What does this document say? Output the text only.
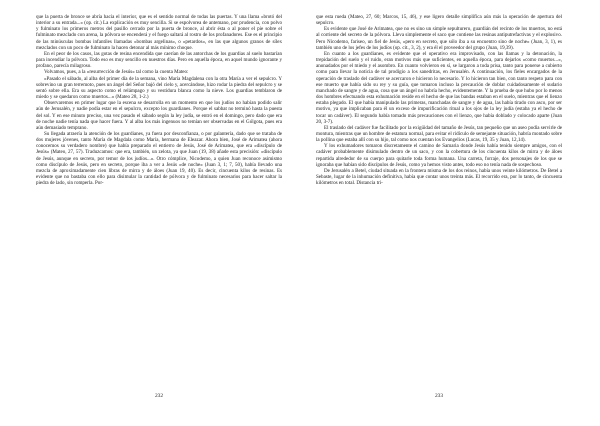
que la puerta de bronce se abría hacia el interior, que es el sentido normal de todas las puertas. Y una llama «brotó del interior a su entrada...» (op. cit.) La explicación es muy sencilla. Si se espolvorea de antemano, por prudencia, con polvo y fulminato los primeros metros del pasillo cerrado por la puerta de bronce, al abrir ésta o al poner el pie sobre el fulminato mezclado con arena, la pólvora se encenderá y el fuego saltará al rostro de los profanadores. Ese es el principio de las minúsculas bombas infantiles llamadas «bombas argelinas», o «petardos», en las que algunos granos de sílex mezclados con un poco de fulminato la hacen detonar al más mínimo choque.

En el peor de los casos, las gotas de resina encendida que caerían de las antorchas de los guardias al suelo bastarían para incendiar la pólvora. Todo eso es muy sencillo en nuestros días. Pero en aquella época, en aquel mundo ignorante y profano, parecía milagroso.

Volvamos, pues, a la «resurrección de Jesús» tal como la cuenta Mateo:

«Pasado el sábado, al alba del primer día de la semana, vino María Magdalena con la otra María a ver el sepulcro. Y sobrevino un gran terremoto, pues un ángel del Señor bajó del cielo y, acercándose, hizo rodar la piedra del sepulcro y se sentó sobre ella. Era su aspecto como el relámpago y su vestidura blanca como la nieve. Los guardias temblaron de miedo y se quedaron como muertos...» (Mateo 28, 1-2.)

Observaremos en primer lugar que la escena se desarrolla en un momento en que los judíos no habían podido salir aún de Jerusalén, y nadie podía estar en el sepulcro, excepto los guardianes. Porque el sabbat no terminó hasta la puesta del sol. Y en ese minuto preciso, una vez pasado el sábado según la ley judía, se entró en el domingo, pero dado que era de noche nadie tenía nada que hacer fuera. Y al alba los más ingenuos no temían ser observadas en el Gólgota, pues era aún demasiado temprano.

Su llegada atraería la atención de los guardianes, ya fuera por desconfianza, o por galantería, dado que se trataba de dos mujeres jóvenes, tanto María de Magdala como María, hermana de Eleazar. Ahora bien, José de Arimatea (ahora conocemos su verdadero nombre) que había preparado el entierro de Jesús, José de Arimatea, que era «discípulo de Jesús» (Mateo, 27, 57). Traduzcamos: que era, también, un zelota, ya que Juan (19, 38) añade esta precisión: «discípulo de Jesús, aunque en secreto, por temor de los judíos...». Otro cómplice, Nicodemo, a quien Juan reconoce asimismo como discípulo de Jesús, pero en secreto, porque iba a ver a Jesús «de noche» (Juan 3, 1; 7, 50), había llevado una mezcla de aproximadamente cien libras de mirra y de áloes (Juan 19, 40). Es decir, cincuenta kilos de resinas. Es evidente que no bastaba con ello para disimular la cantidad de pólvora y de fulminato necesarios para hacer saltar la piedra de lado, sin romperla. Por-

232

que esta rueda (Mateo, 27, 60; Marcos, 15, 46), y ese ligero detalle simplifica aún más la operación de apertura del sepulcro.

Es evidente que José de Arimatea, que no es sino un simple sepulturero, guardián del recinto de los muertos, no está al corriente del secreto de la pólvora. Lleva simplemente el saco que contiene las resinas antiputrefactivas y el explosivo. Pero Nicodemo, fariseo, un fiel de Jesús, «pero en secreto, que sólo iba a su encuentro sino de noche» (Juan, 3, 1), es también uno de los jefes de los judíos (op. cit., 3, 2), y era él el proveedor del grupo (Juan, 19,39).

En cuanto a los guardianes, es evidente que el operativo era improvisado, con las llamas y la detonación, la trepidación del suelo y el ruido, eran motivos más que suficientes, en aquella época, para dejarlos «como muertos...», anonadados por el miedo y el asombro. En cuanto volvieron en sí, se largaron a toda prisa, tanto para ponerse a cubierto como para llevar la noticia de tal prodigio a los sanedritas, en Jerusalén. A continuación, los fieles encargados de la operación de traslado del cadáver se acercaron e hicieron lo necesario. Y lo hicieron tan bien, con tanto respeto para con ese muerto que había sido su rey y su guía, que tomaron incluso la precaución de doblar cuidadosamente el sudario manchado de sangre y de agua, cosa que un ángel no habría hecho, evidentemente. Y la prueba de que hubo por lo menos dos hombres efectuando esta exhumación reside en el hecho de que las bandas estaban en el suelo, mientras que el lienzo estaba plegado. El que había manipulado las primeras, manchadas de sangre y de agua, las había tirado con asco, por ser motivo, ya que implicaban para él un exceso de impurificación ritual a los ojos de la ley judía (estaba ya el hecho de tocar un cadáver). El segundo había tomado más precauciones con el lienzo, que había doblado y colocado aparte (Juan 20, 3-7).

El traslado del cadáver fue facilitado por la exigüidad del tamaño de Jesús, tan pequeño que un aseo podía servirle de montura, mientras que un hombre de estatura normal, para evitar el ridículo de semejante situación, habría montado sobre la pollina que estaba allí con su hijo, tal como nos cuentan los Evangelios (Lucas, 19, 35 y Juan, 12,14).

Y los exhumadores tomaron discretamente el camino de Samaria donde Jesús había tenido siempre amigos, con el cadáver probablemente disimulado dentro de un saco, y con la cobertura de los cincuenta kilos de mirra y de áloes repartida alrededor de su cuerpo para quitarle toda forma humana. Una carreta, forraje, dos personajes de los que se ignoraba que habían sido discípulos de Jesús, como ya hemos visto antes, todo eso no tenía nada de sospechoso.

De Jerusalén a Betel, ciudad situada en la frontera misma de los dos reinos, había unos veinte kilómetros. De Betel a Sebaste, lugar de la inhumación definitiva, había que contar unos treinta más. El recorrido era, por lo tanto, de cincuenta kilómetros en total. Distancia tri-

233
